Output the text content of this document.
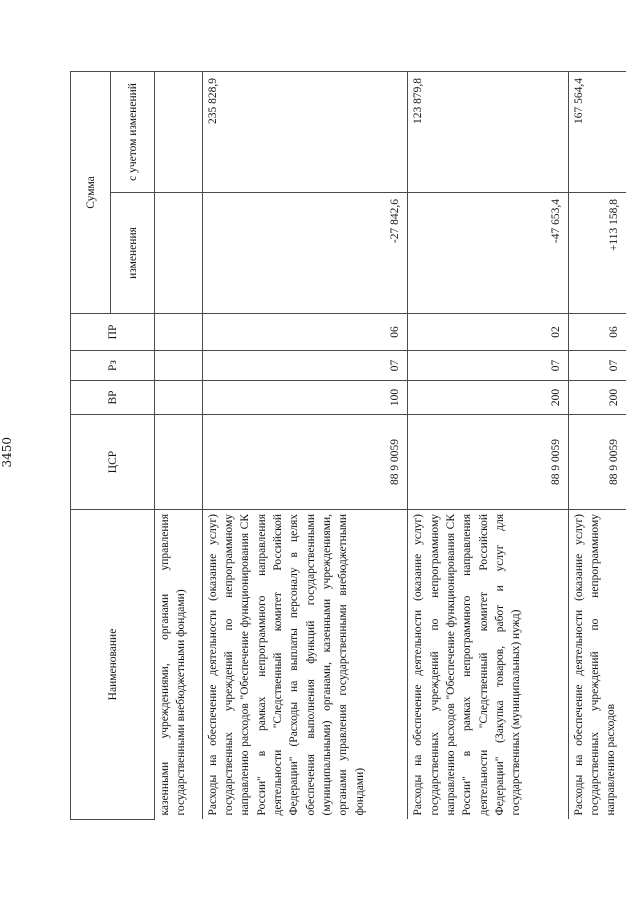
3450
Наименование	ЦСР	ВР	Рз	ПР	Сумма	
					изменения	с учетом изменений
казенными учреждениями, органами управления государственными внебюджетными фондами)						
Расходы на обеспечение деятельности (оказание услуг) государственных учреждений по непрограммному направлению расходов "Обеспечение функционирования СК России" в рамках непрограммного направления деятельности "Следственный комитет Российской Федерации" (Расходы на выплаты персоналу в целях обеспечения выполнения функций государственными (муниципальными) органами, казенными учреждениями, органами управления государственными внебюджетными фондами)	88 9 0059	100	07	06	-27 842,6	235 828,9
Расходы на обеспечение деятельности (оказание услуг) государственных учреждений по непрограммному направлению расходов "Обеспечение функционирования СК России" в рамках непрограммного направления деятельности "Следственный комитет Российской Федерации" (Закупка товаров, работ и услуг для государственных (муниципальных) нужд)	88 9 0059	200	07	02	-47 653,4	123 879,8
Расходы на обеспечение деятельности (оказание услуг) государственных учреждений по непрограммному направлению расходов	88 9 0059	200	07	06	+113 158,8	167 564,4
